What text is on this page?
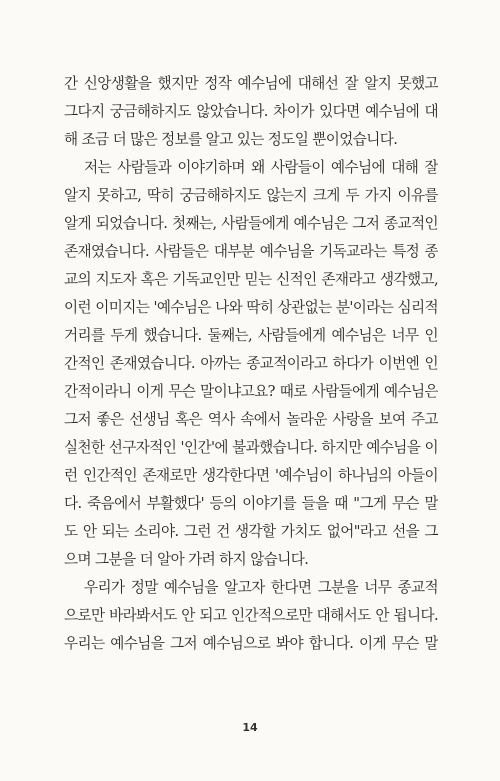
간 신앙생활을 했지만 정작 예수님에 대해선 잘 알지 못했고
그다지 궁금해하지도 않았습니다. 차이가 있다면 예수님에 대
해 조금 더 많은 정보를 알고 있는 정도일 뿐이었습니다.
저는 사람들과 이야기하며 왜 사람들이 예수님에 대해 잘
알지 못하고, 딱히 궁금해하지도 않는지 크게 두 가지 이유를
알게 되었습니다. 첫째는, 사람들에게 예수님은 그저 종교적인
존재였습니다. 사람들은 대부분 예수님을 기독교라는 특정 종
교의 지도자 혹은 기독교인만 믿는 신적인 존재라고 생각했고,
이런 이미지는 '예수님은 나와 딱히 상관없는 분'이라는 심리적
거리를 두게 했습니다. 둘째는, 사람들에게 예수님은 너무 인
간적인 존재였습니다. 아까는 종교적이라고 하다가 이번엔 인
간적이라니 이게 무슨 말이냐고요? 때로 사람들에게 예수님은
그저 좋은 선생님 혹은 역사 속에서 놀라운 사랑을 보여 주고
실천한 선구자적인 '인간'에 불과했습니다. 하지만 예수님을 이
런 인간적인 존재로만 생각한다면 '예수님이 하나님의 아들이
다. 죽음에서 부활했다' 등의 이야기를 들을 때 "그게 무슨 말
도 안 되는 소리야. 그런 건 생각할 가치도 없어"라고 선을 그
으며 그분을 더 알아 가려 하지 않습니다.
우리가 정말 예수님을 알고자 한다면 그분을 너무 종교적
으로만 바라봐서도 안 되고 인간적으로만 대해서도 안 됩니다.
우리는 예수님을 그저 예수님으로 봐야 합니다. 이게 무슨 말
14
